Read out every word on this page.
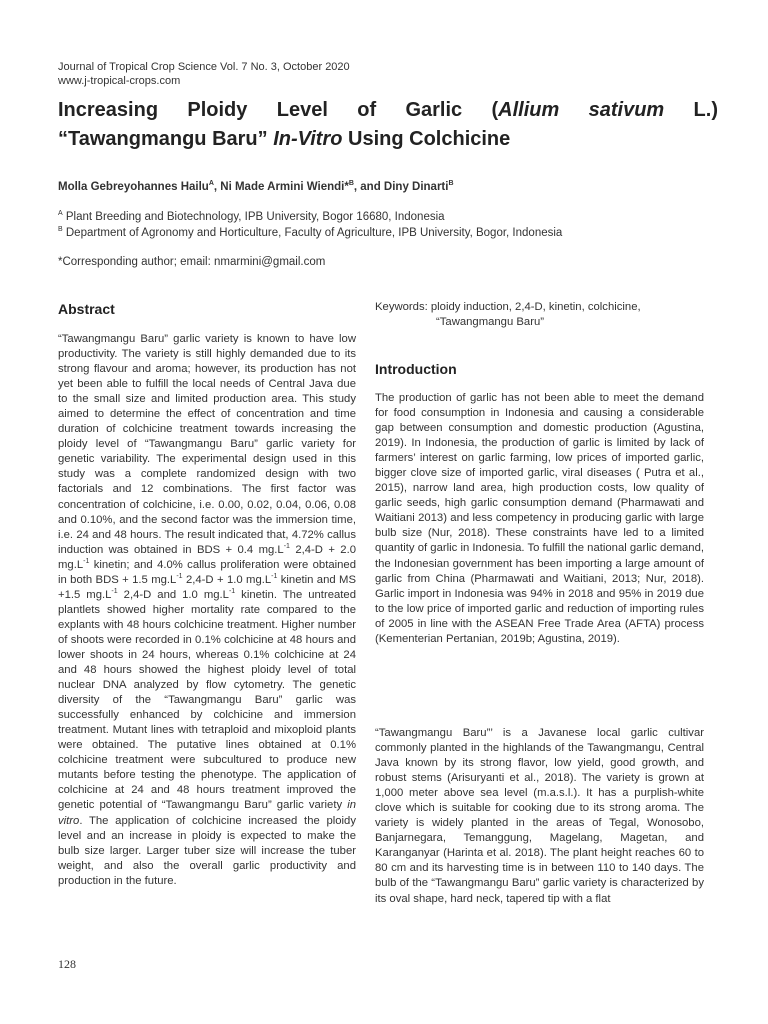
Journal of Tropical Crop Science Vol. 7 No. 3, October 2020
www.j-tropical-crops.com
Increasing Ploidy Level of Garlic (Allium sativum L.)
“Tawangmangu Baru” In-Vitro Using Colchicine
Molla Gebreyohannes Hailu$^A$, Ni Made Armini Wiendi*$^B$, and Diny Dinarti$^B$
$^A$ Plant Breeding and Biotechnology, IPB University, Bogor 16680, Indonesia
$^B$ Department of Agronomy and Horticulture, Faculty of Agriculture, IPB University, Bogor, Indonesia
*Corresponding author; email: nmarmini@gmail.com
Abstract

“Tawangmangu Baru” garlic variety is known to have low productivity. The variety is still highly demanded due to its strong flavour and aroma; however, its production has not yet been able to fulfill the local needs of Central Java due to the small size and limited production area. This study aimed to determine the effect of concentration and time duration of colchicine treatment towards increasing the ploidy level of “Tawangmangu Baru” garlic variety for genetic variability. The experimental design used in this study was a complete randomized design with two factorials and 12 combinations. The first factor was concentration of colchicine, i.e. 0.00, 0.02, 0.04, 0.06, 0.08 and 0.10%, and the second factor was the immersion time, i.e. 24 and 48 hours. The result indicated that, 4.72% callus induction was obtained in BDS + 0.4 $mg.L^{-1}$ 2,4-D + 2.0 $mg.L^{-1}$ kinetin; and 4.0% callus proliferation were obtained in both BDS + 1.5 $mg.L^{-1}$ 2,4-D + 1.0 $mg.L^{-1}$ kinetin and MS +1.5 $mg.L^{-1}$ 2,4-D and 1.0 $mg.L^{-1}$ kinetin. The untreated plantlets showed higher mortality rate compared to the explants with 48 hours colchicine treatment. Higher number of shoots were recorded in 0.1% colchicine at 48 hours and lower shoots in 24 hours, whereas 0.1% colchicine at 24 and 48 hours showed the highest ploidy level of total nuclear DNA analyzed by flow cytometry. The genetic diversity of the “Tawangmangu Baru” garlic was successfully enhanced by colchicine and immersion treatment. Mutant lines with tetraploid and mixoploid plants were obtained. The putative lines obtained at 0.1% colchicine treatment were subcultured to produce new mutants before testing the phenotype. The application of colchicine at 24 and 48 hours treatment improved the genetic potential of “Tawangmangu Baru” garlic variety in vitro. The application of colchicine increased the ploidy level and an increase in ploidy is expected to make the bulb size larger. Larger tuber size will increase the tuber weight, and also the overall garlic productivity and production in the future.

Keywords: ploidy induction, 2,4-D, kinetin, colchicine,
“Tawangmangu Baru”
Introduction

The production of garlic has not been able to meet the demand for food consumption in Indonesia and causing a considerable gap between consumption and domestic production (Agustina, 2019). In Indonesia, the production of garlic is limited by lack of farmers’ interest on garlic farming, low prices of imported garlic, bigger clove size of imported garlic, viral diseases ( Putra et al., 2015), narrow land area, high production costs, low quality of garlic seeds, high garlic consumption demand (Pharmawati and Waitiani 2013) and less competency in producing garlic with large bulb size (Nur, 2018). These constraints have led to a limited quantity of garlic in Indonesia. To fulfill the national garlic demand, the Indonesian government has been importing a large amount of garlic from China (Pharmawati and Waitiani, 2013; Nur, 2018). Garlic import in Indonesia was 94% in 2018 and 95% in 2019 due to the low price of imported garlic and reduction of importing rules of 2005 in line with the ASEAN Free Trade Area (AFTA) process (Kementerian Pertanian, 2019b; Agustina, 2019).

“Tawangmangu Baru”’ is a Javanese local garlic cultivar commonly planted in the highlands of the Tawangmangu, Central Java known by its strong flavor, low yield, good growth, and robust stems (Arisuryanti et al., 2018). The variety is grown at 1,000 meter above sea level (m.a.s.l.). It has a purplish-white clove which is suitable for cooking due to its strong aroma. The variety is widely planted in the areas of Tegal, Wonosobo, Banjarnegara, Temanggung, Magelang, Magetan, and Karanganyar (Harinta et al. 2018). The plant height reaches 60 to 80 cm and its harvesting time is in between 110 to 140 days. The bulb of the “Tawangmangu Baru” garlic variety is characterized by its oval shape, hard neck, tapered tip with a flat

128
